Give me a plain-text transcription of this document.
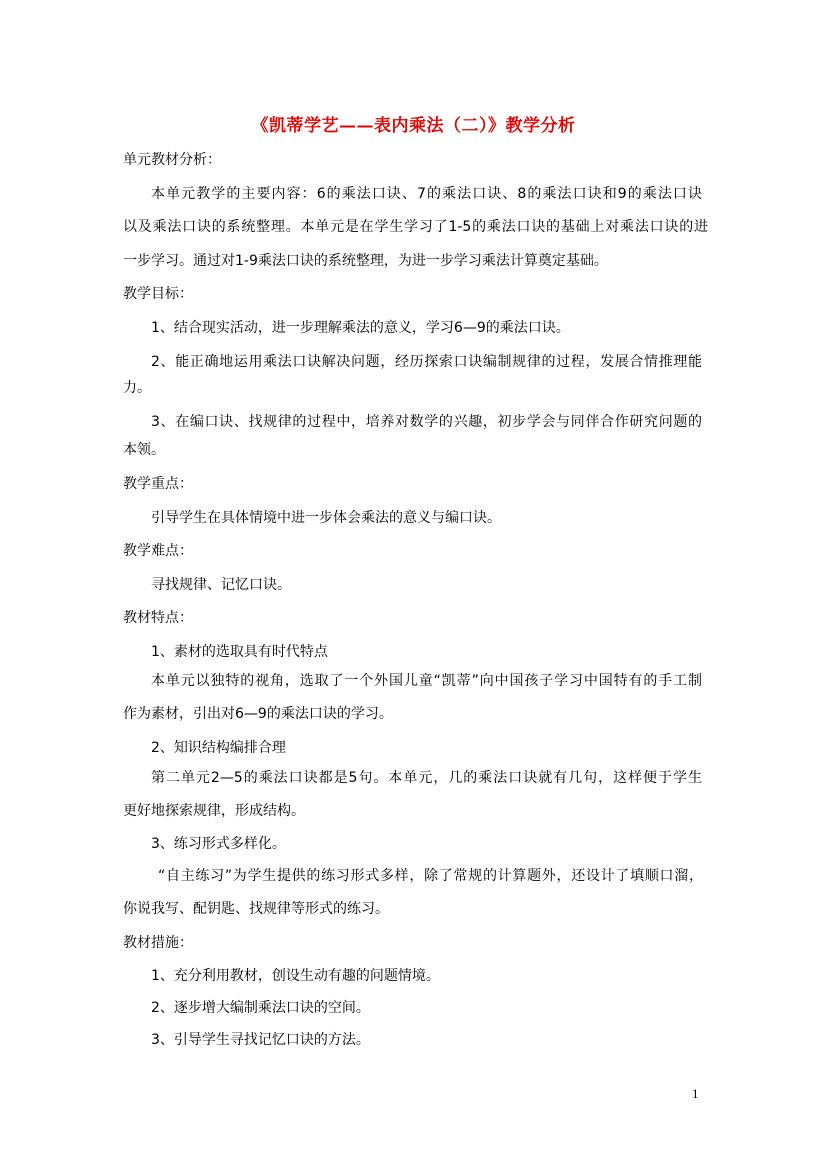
《凯蒂学艺——表内乘法（二）》教学分析
单元教材分析：
本单元教学的主要内容：6的乘法口诀、7的乘法口诀、8的乘法口诀和9的乘法口诀
以及乘法口诀的系统整理。本单元是在学生学习了1-5的乘法口诀的基础上对乘法口诀的进
一步学习。通过对1-9乘法口诀的系统整理，为进一步学习乘法计算奠定基础。
教学目标：
1、结合现实活动，进一步理解乘法的意义，学习6—9的乘法口诀。
2、能正确地运用乘法口诀解决问题，经历探索口诀编制规律的过程，发展合情推理能
力。
3、在编口诀、找规律的过程中，培养对数学的兴趣，初步学会与同伴合作研究问题的
本领。
教学重点：
引导学生在具体情境中进一步体会乘法的意义与编口诀。
教学难点：
寻找规律、记忆口诀。
教材特点：
1、素材的选取具有时代特点
本单元以独特的视角，选取了一个外国儿童“凯蒂”向中国孩子学习中国特有的手工制
作为素材，引出对6—9的乘法口诀的学习。
2、知识结构编排合理
第二单元2—5的乘法口诀都是5句。本单元，几的乘法口诀就有几句，这样便于学生
更好地探索规律，形成结构。
3、练习形式多样化。
“自主练习”为学生提供的练习形式多样，除了常规的计算题外，还设计了填顺口溜，
你说我写、配钥匙、找规律等形式的练习。
教材措施：
1、充分利用教材，创设生动有趣的问题情境。
2、逐步增大编制乘法口诀的空间。
3、引导学生寻找记忆口诀的方法。
1
